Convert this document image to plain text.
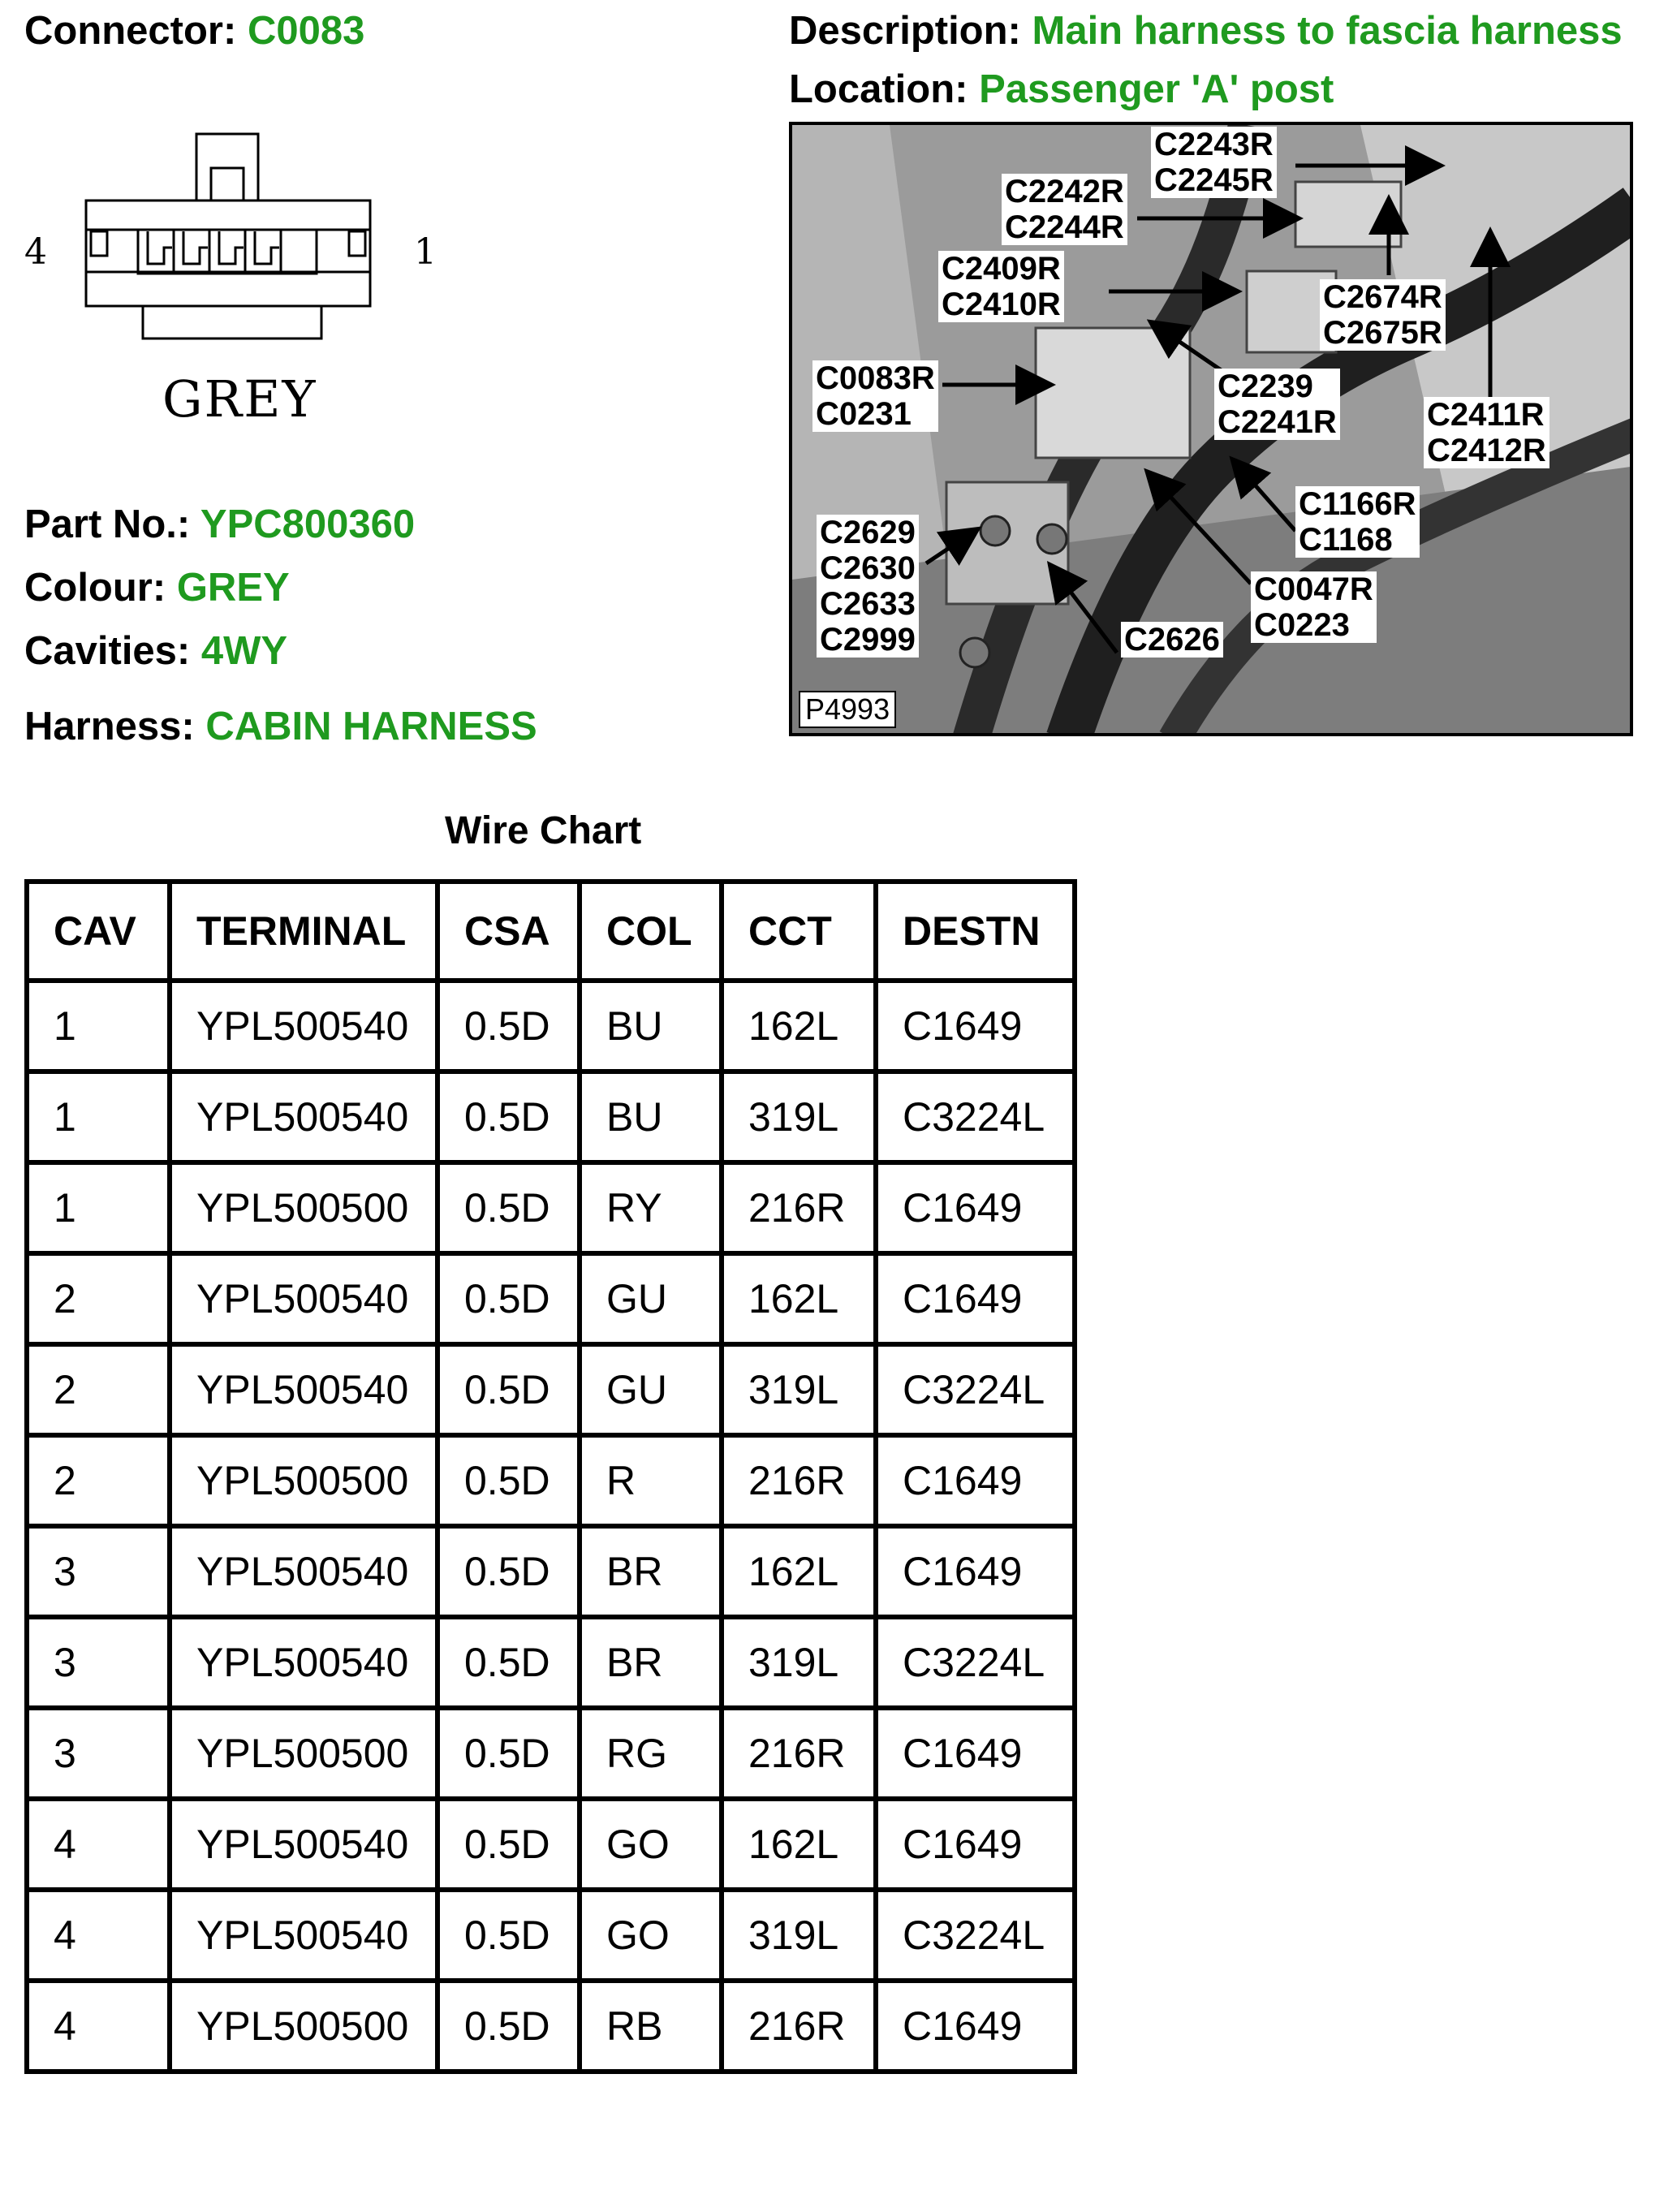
Connector: C0083	Description: Main harness to fascia harness
Location: Passenger 'A' post
4	1
GREY
Part No.: YPC800360
Colour: GREY
Cavities: 4WY
Harness: CABIN HARNESS
C2243R
C2245R
C2242R
C2244R
C2409R
C2410R	C2674R
C2675R
C0083R
C0231
C2239
C2241R	C2411R
C2412R
C1166R
C1168
C2629
C2630
C2633
C2999
C0047R
C0223
C2626
P4993
Wire Chart
CAV	TERMINAL	CSA	COL	CCT	DESTN
1	YPL500540	0.5D	BU	162L	C1649
1	YPL500540	0.5D	BU	319L	C3224L
1	YPL500500	0.5D	RY	216R	C1649
2	YPL500540	0.5D	GU	162L	C1649
2	YPL500540	0.5D	GU	319L	C3224L
2	YPL500500	0.5D	R	216R	C1649
3	YPL500540	0.5D	BR	162L	C1649
3	YPL500540	0.5D	BR	319L	C3224L
3	YPL500500	0.5D	RG	216R	C1649
4	YPL500540	0.5D	GO	162L	C1649
4	YPL500540	0.5D	GO	319L	C3224L
4	YPL500500	0.5D	RB	216R	C1649
